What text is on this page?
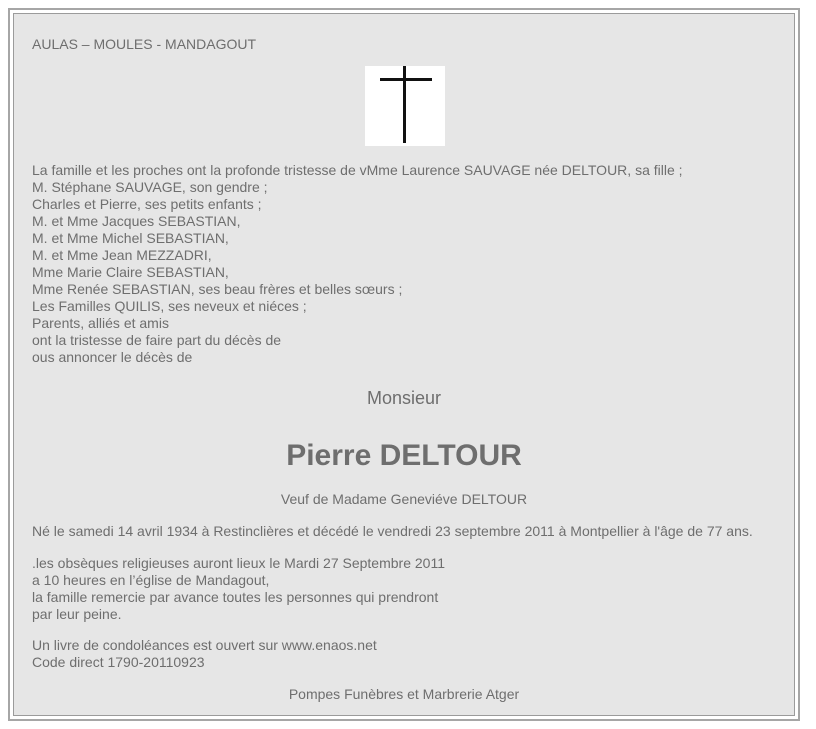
AULAS – MOULES - MANDAGOUT
La famille et les proches ont la profonde tristesse de vMme Laurence SAUVAGE née DELTOUR, sa fille ;
M. Stéphane SAUVAGE, son gendre ;
Charles et Pierre, ses petits enfants ;
M. et Mme Jacques SEBASTIAN,
M. et Mme Michel SEBASTIAN,
M. et Mme Jean MEZZADRI,
Mme Marie Claire SEBASTIAN,
Mme Renée SEBASTIAN, ses beau frères et belles sœurs ;
Les Familles QUILIS, ses neveux et niéces ;
Parents, alliés et amis
ont la tristesse de faire part du décès de
ous annoncer le décès de
Monsieur
Pierre DELTOUR
Veuf de Madame Geneviéve DELTOUR
Né le samedi 14 avril 1934 à Restinclières et décédé le vendredi 23 septembre 2011 à Montpellier à l'âge de 77 ans.
.les obsèques religieuses auront lieux le Mardi 27 Septembre 2011
a 10 heures en l’église de Mandagout,
la famille remercie par avance toutes les personnes qui prendront
par leur peine.
Un livre de condoléances est ouvert sur www.enaos.net
Code direct 1790-20110923
Pompes Funèbres et Marbrerie Atger
